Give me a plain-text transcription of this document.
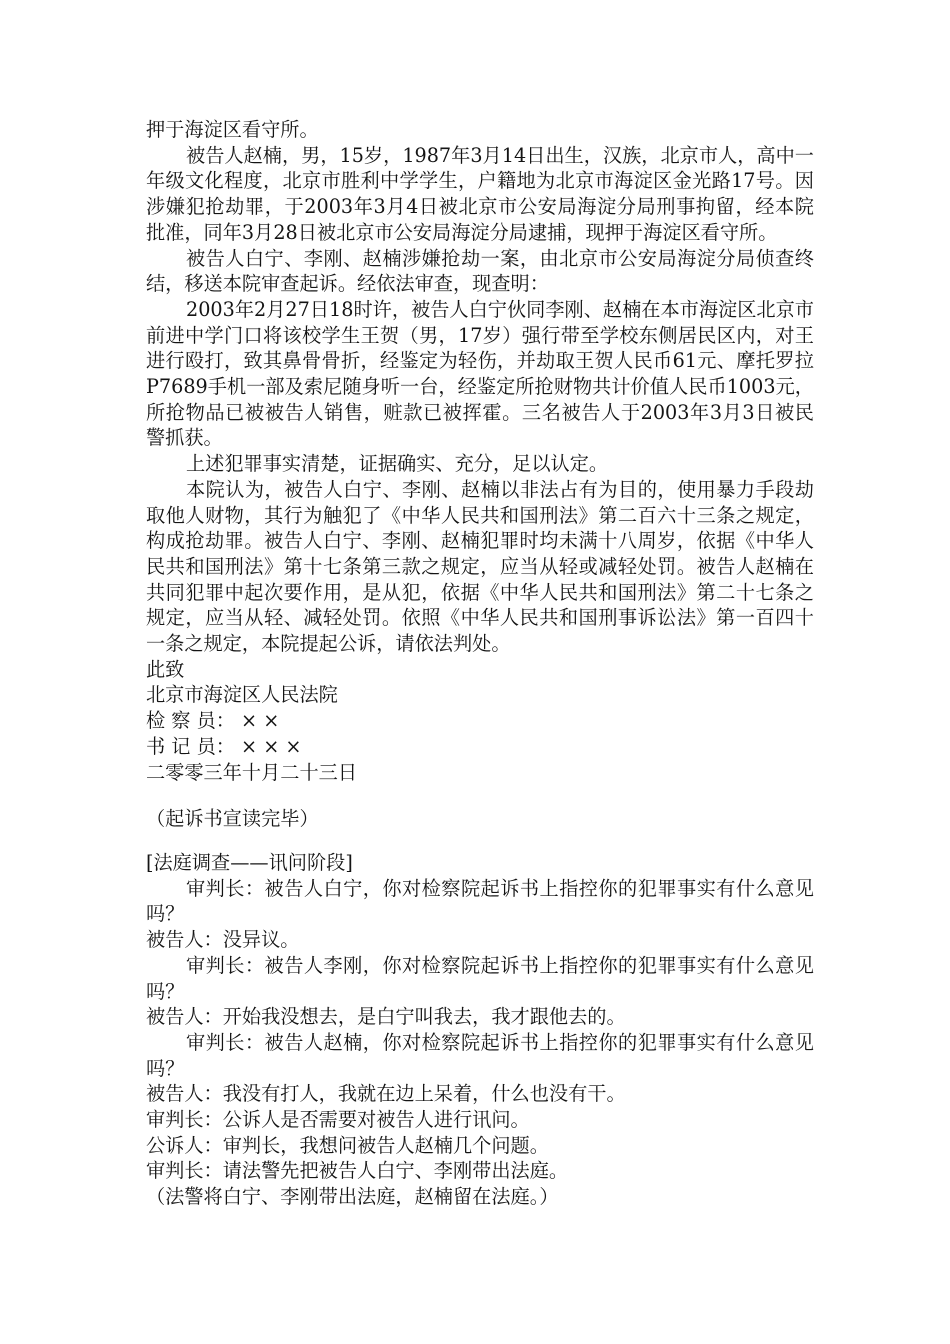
押于海淀区看守所。

被告人赵楠，男，15岁，1987年3月14日出生，汉族，北京市人，高中一年级文化程度，北京市胜利中学学生，户籍地为北京市海淀区金光路17号。因涉嫌犯抢劫罪，于2003年3月4日被北京市公安局海淀分局刑事拘留，经本院批准，同年3月28日被北京市公安局海淀分局逮捕，现押于海淀区看守所。

被告人白宁、李刚、赵楠涉嫌抢劫一案，由北京市公安局海淀分局侦查终结，移送本院审查起诉。经依法审查，现查明：

2003年2月27日18时许，被告人白宁伙同李刚、赵楠在本市海淀区北京市前进中学门口将该校学生王贺（男，17岁）强行带至学校东侧居民区内，对王进行殴打，致其鼻骨骨折，经鉴定为轻伤，并劫取王贺人民币61元、摩托罗拉P7689手机一部及索尼随身听一台，经鉴定所抢财物共计价值人民币1003元，所抢物品已被被告人销售，赃款已被挥霍。三名被告人于2003年3月3日被民警抓获。

上述犯罪事实清楚，证据确实、充分，足以认定。

本院认为，被告人白宁、李刚、赵楠以非法占有为目的，使用暴力手段劫取他人财物，其行为触犯了《中华人民共和国刑法》第二百六十三条之规定，构成抢劫罪。被告人白宁、李刚、赵楠犯罪时均未满十八周岁，依据《中华人民共和国刑法》第十七条第三款之规定，应当从轻或减轻处罚。被告人赵楠在共同犯罪中起次要作用，是从犯，依据《中华人民共和国刑法》第二十七条之规定，应当从轻、减轻处罚。依照《中华人民共和国刑事诉讼法》第一百四十一条之规定，本院提起公诉，请依法判处。

此致

北京市海淀区人民法院

检 察 员： × ×

书 记 员： × × ×

二零零三年十月二十三日

（起诉书宣读完毕）

[法庭调查——讯问阶段]

审判长：被告人白宁，你对检察院起诉书上指控你的犯罪事实有什么意见吗？

被告人：没异议。

审判长：被告人李刚，你对检察院起诉书上指控你的犯罪事实有什么意见吗？

被告人：开始我没想去，是白宁叫我去，我才跟他去的。

审判长：被告人赵楠，你对检察院起诉书上指控你的犯罪事实有什么意见吗？

被告人：我没有打人，我就在边上呆着，什么也没有干。

审判长：公诉人是否需要对被告人进行讯问。

公诉人：审判长，我想问被告人赵楠几个问题。

审判长：请法警先把被告人白宁、李刚带出法庭。

（法警将白宁、李刚带出法庭，赵楠留在法庭。）
